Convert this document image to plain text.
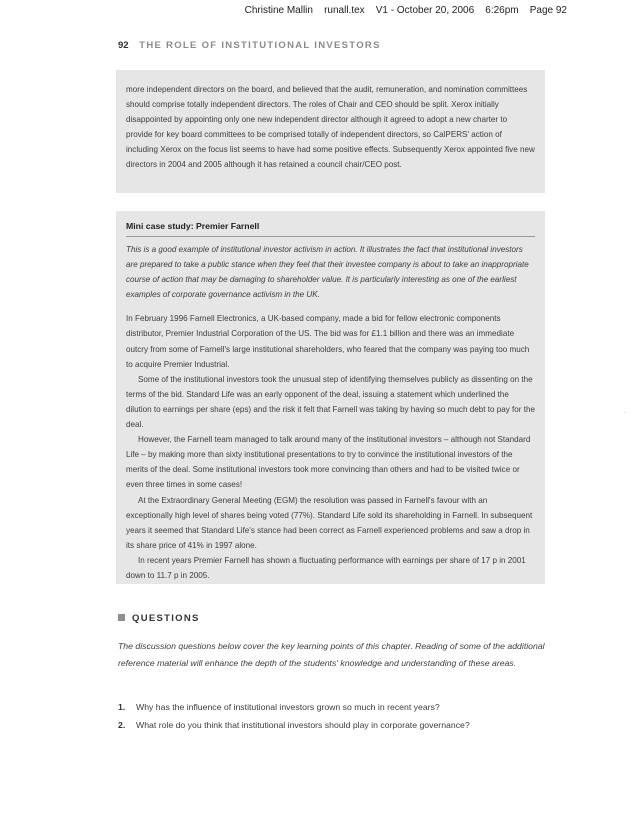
Christine Mallin    runall.tex    V1 - October 20, 2006    6:26pm    Page 92
92 THE ROLE OF INSTITUTIONAL INVESTORS

more independent directors on the board, and believed that the audit, remuneration, and nomination committees should comprise totally independent directors. The roles of Chair and CEO should be split. Xerox initially disappointed by appointing only one new independent director although it agreed to adopt a new charter to provide for key board committees to be comprised totally of independent directors, so CalPERS' action of including Xerox on the focus list seems to have had some positive effects. Subsequently Xerox appointed five new directors in 2004 and 2005 although it has retained a council chair/CEO post.

Mini case study: Premier Farnell

This is a good example of institutional investor activism in action. It illustrates the fact that institutional investors are prepared to take a public stance when they feel that their investee company is about to take an inappropriate course of action that may be damaging to shareholder value. It is particularly interesting as one of the earliest examples of corporate governance activism in the UK.

In February 1996 Farnell Electronics, a UK-based company, made a bid for fellow electronic components distributor, Premier Industrial Corporation of the US. The bid was for £1.1 billion and there was an immediate outcry from some of Farnell's large institutional shareholders, who feared that the company was paying too much to acquire Premier Industrial.

Some of the institutional investors took the unusual step of identifying themselves publicly as dissenting on the terms of the bid. Standard Life was an early opponent of the deal, issuing a statement which underlined the dilution to earnings per share (eps) and the risk it felt that Farnell was taking by having so much debt to pay for the deal.

However, the Farnell team managed to talk around many of the institutional investors – although not Standard Life – by making more than sixty institutional presentations to try to convince the institutional investors of the merits of the deal. Some institutional investors took more convincing than others and had to be visited twice or even three times in some cases!

At the Extraordinary General Meeting (EGM) the resolution was passed in Farnell's favour with an exceptionally high level of shares being voted (77%). Standard Life sold its shareholding in Farnell. In subsequent years it seemed that Standard Life's stance had been correct as Farnell experienced problems and saw a drop in its share price of 41% in 1997 alone.

In recent years Premier Farnell has shown a fluctuating performance with earnings per share of 17 p in 2001 down to 11.7 p in 2005.

QUESTIONS

The discussion questions below cover the key learning points of this chapter. Reading of some of the additional reference material will enhance the depth of the students' knowledge and understanding of these areas.

1.	Why has the influence of institutional investors grown so much in recent years?
2.	What role do you think that institutional investors should play in corporate governance?
.
